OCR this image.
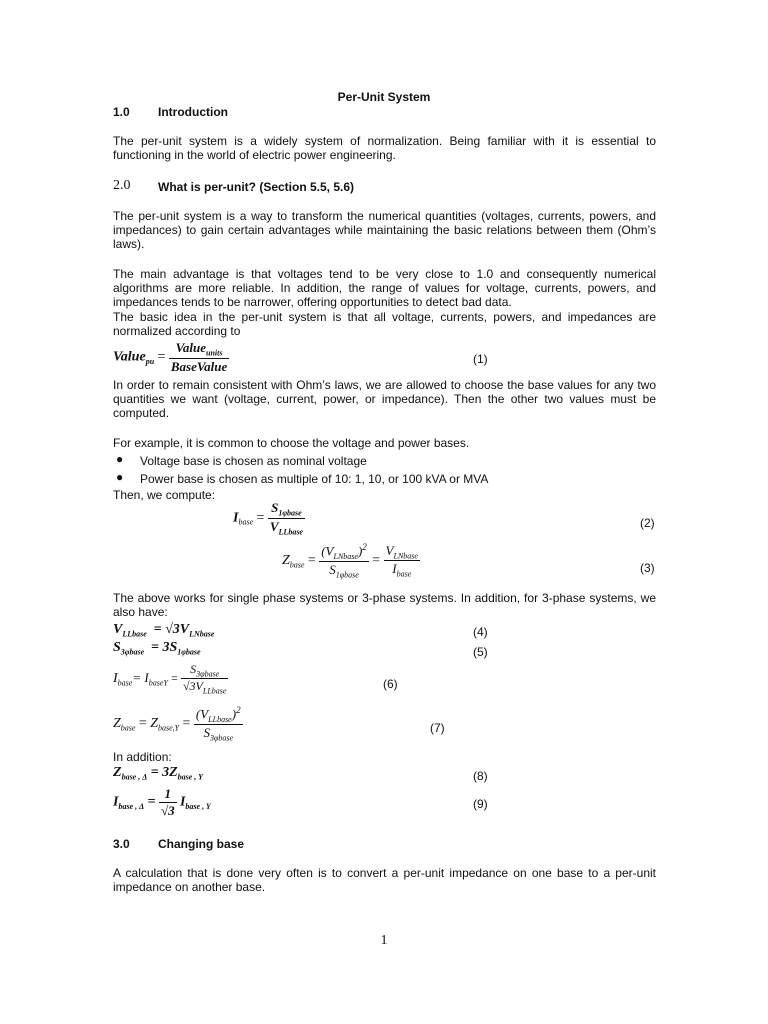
Per-Unit System
1.0 Introduction
The per-unit system is a widely system of normalization. Being familiar with it is essential to functioning in the world of electric power engineering.
2.0 What is per-unit? (Section 5.5, 5.6)
The per-unit system is a way to transform the numerical quantities (voltages, currents, powers, and impedances) to gain certain advantages while maintaining the basic relations between them (Ohm’s laws).
The main advantage is that voltages tend to be very close to 1.0 and consequently numerical algorithms are more reliable. In addition, the range of values for voltage, currents, powers, and impedances tends to be narrower, offering opportunities to detect bad data.
The basic idea in the per-unit system is that all voltage, currents, powers, and impedances are normalized according to
Value$_{pu}$ = $\frac{Value_{units}}{\text{BaseValue}}$	(1)
In order to remain consistent with Ohm’s laws, we are allowed to choose the base values for any two quantities we want (voltage, current, power, or impedance). Then the other two values must be computed.
For example, it is common to choose the voltage and power bases.
● Voltage base is chosen as nominal voltage
● Power base is chosen as multiple of 10: 1, 10, or 100 kVA or MVA
Then, we compute:
$I_{base} = \frac{S_{1\varphi base}}{V_{LLbase}}$	(2)
$Z_{base} = \frac{(V_{LNbase})^2}{S_{1\varphi base}} = \frac{V_{LNbase}}{I_{base}}$	(3)
The above works for single phase systems or 3-phase systems. In addition, for 3-phase systems, we also have:
$V_{LLbase} = √3V_{LNbase}$	(4)
$S_{3\varphi base} = 3S_{1\varphi base}$	(5)
$I_{base}= I_{baseY} = \frac{S_{3\varphi base}}{√3V_{LLbase}}$	(6)
$Z_{base} = Z_{base,Y} = \frac{(V_{LLbase})^2}{S_{3\varphi base}}$	(7)
In addition:
$Z_{base , \Delta} = 3Z_{base , Y}$	(8)
$I_{base , \Delta} = \frac{1}{√3} I_{base , Y}$	(9)
3.0 Changing base
A calculation that is done very often is to convert a per-unit impedance on one base to a per-unit impedance on another base.
1
